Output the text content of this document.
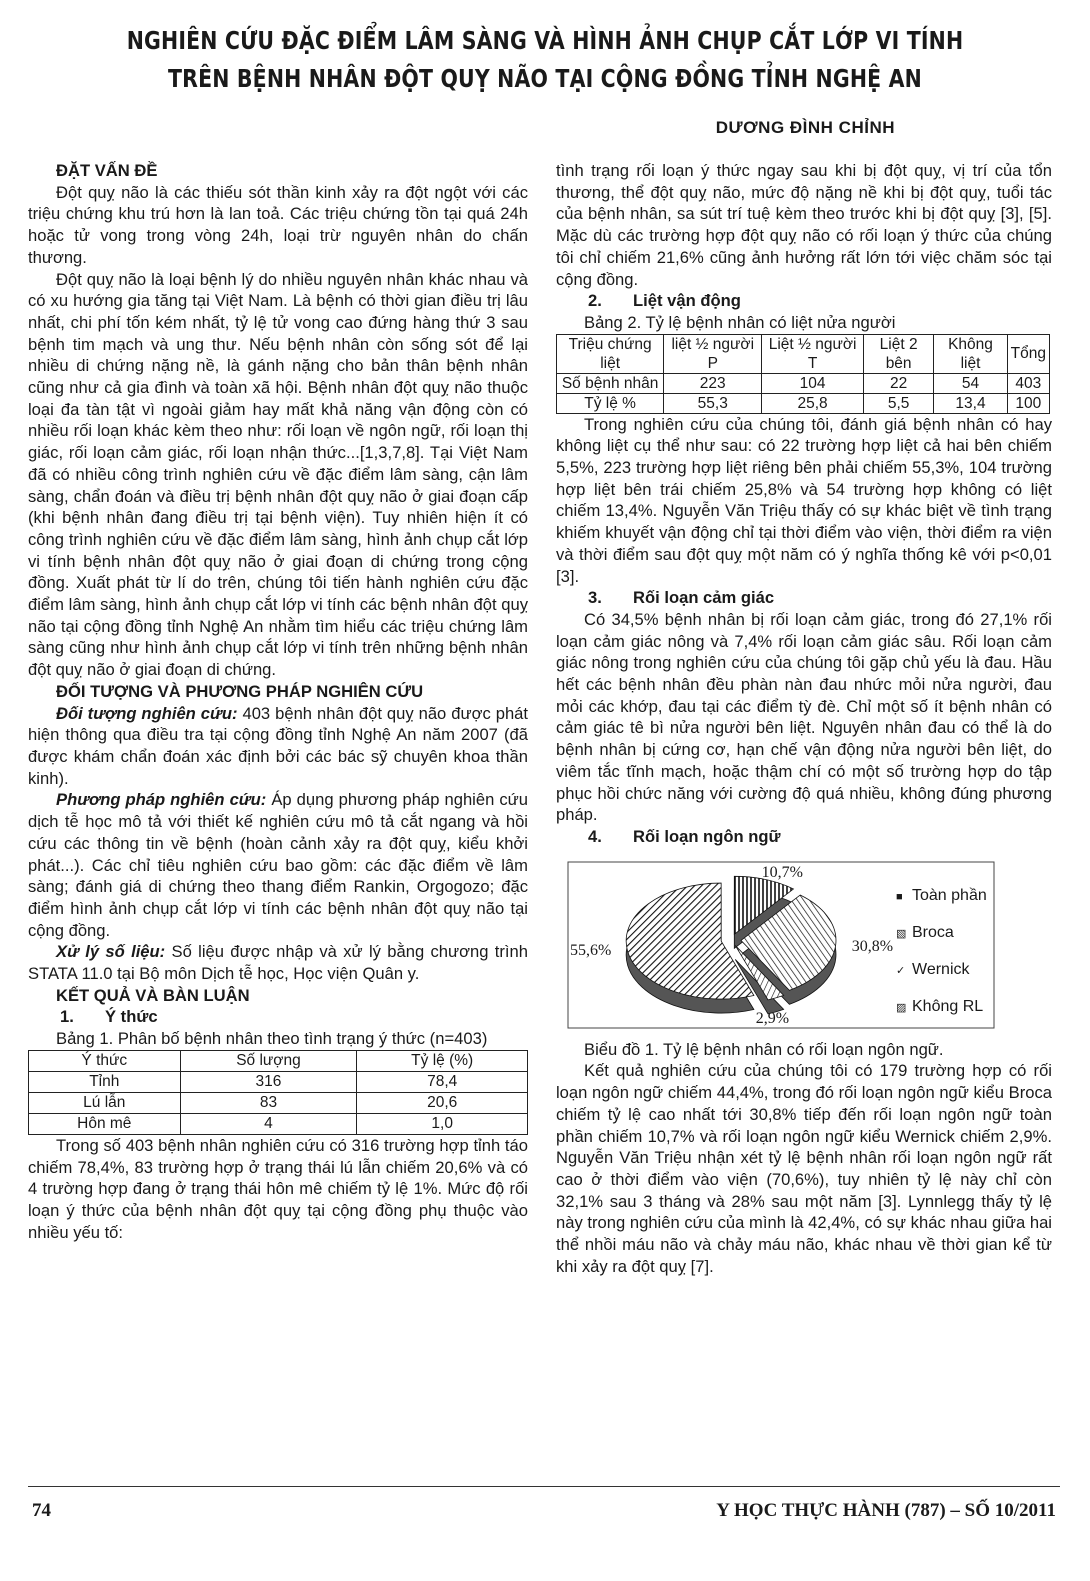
NGHIÊN CỨU ĐẶC ĐIỂM LÂM SÀNG VÀ HÌNH ẢNH CHỤP CẮT LỚP VI TÍNH
TRÊN BỆNH NHÂN ĐỘT QUỴ NÃO TẠI CỘNG ĐỒNG TỈNH NGHỆ AN
DƯƠNG ĐÌNH CHỈNH
ĐẶT VẤN ĐỀ

Đột quỵ não là các thiếu sót thần kinh xảy ra đột ngột với các triệu chứng khu trú hơn là lan toả. Các triệu chứng tồn tại quá 24h hoặc tử vong trong vòng 24h, loại trừ nguyên nhân do chấn thương.

Đột quỵ não là loại bệnh lý do nhiều nguyên nhân khác nhau và có xu hướng gia tăng tại Việt Nam. Là bệnh có thời gian điều trị lâu nhất, chi phí tốn kém nhất, tỷ lệ tử vong cao đứng hàng thứ 3 sau bệnh tim mạch và ung thư. Nếu bệnh nhân còn sống sót để lại nhiều di chứng nặng nề, là gánh nặng cho bản thân bệnh nhân cũng như cả gia đình và toàn xã hội. Bệnh nhân đột quỵ não thuộc loại đa tàn tật vì ngoài giảm hay mất khả năng vận động còn có nhiều rối loạn khác kèm theo như: rối loạn về ngôn ngữ, rối loạn thị giác, rối loạn cảm giác, rối loạn nhận thức...[1,3,7,8]. Tại Việt Nam đã có nhiều công trình nghiên cứu về đặc điểm lâm sàng, cận lâm sàng, chẩn đoán và điều trị bệnh nhân đột quỵ não ở giai đoạn cấp (khi bệnh nhân đang điều trị tại bệnh viện). Tuy nhiên hiện ít có công trình nghiên cứu về đặc điểm lâm sàng, hình ảnh chụp cắt lớp vi tính bệnh nhân đột quỵ não ở giai đoạn di chứng trong cộng đồng. Xuất phát từ lí do trên, chúng tôi tiến hành nghiên cứu đặc điểm lâm sàng, hình ảnh chụp cắt lớp vi tính các bệnh nhân đột quỵ não tại cộng đồng tỉnh Nghệ An nhằm tìm hiểu các triệu chứng lâm sàng cũng như hình ảnh chụp cắt lớp vi tính trên những bệnh nhân đột quỵ não ở giai đoạn di chứng.

ĐỐI TƯỢNG VÀ PHƯƠNG PHÁP NGHIÊN CỨU

Đối tượng nghiên cứu: 403 bệnh nhân đột quỵ não được phát hiện thông qua điều tra tại cộng đồng tỉnh Nghệ An năm 2007 (đã được khám chẩn đoán xác định bởi các bác sỹ chuyên khoa thần kinh).

Phương pháp nghiên cứu: Áp dụng phương pháp nghiên cứu dịch tễ học mô tả với thiết kế nghiên cứu mô tả cắt ngang và hồi cứu các thông tin về bệnh (hoàn cảnh xảy ra đột quỵ, kiểu khởi phát...). Các chỉ tiêu nghiên cứu bao gồm: các đặc điểm về lâm sàng; đánh giá di chứng theo thang điểm Rankin, Orgogozo; đặc điểm hình ảnh chụp cắt lớp vi tính các bệnh nhân đột quỵ não tại cộng đồng.

Xử lý số liệu: Số liệu được nhập và xử lý bằng chương trình STATA 11.0 tại Bộ môn Dịch tễ học, Học viện Quân y.

KẾT QUẢ VÀ BÀN LUẬN
1. Ý thức

Bảng 1. Phân bố bệnh nhân theo tình trạng ý thức (n=403)

Ý thức	Số lượng	Tỷ lệ (%)
Tỉnh	316	78,4
Lú lẫn	83	20,6
Hôn mê	4	1,0

Trong số 403 bệnh nhân nghiên cứu có 316 trường hợp tỉnh táo chiếm 78,4%, 83 trường hợp ở trạng thái lú lẫn chiếm 20,6% và có 4 trường hợp đang ở trạng thái hôn mê chiếm tỷ lệ 1%. Mức độ rối loạn ý thức của bệnh nhân đột quỵ tại cộng đồng phụ thuộc vào nhiều yếu tố:

tình trạng rối loạn ý thức ngay sau khi bị đột quỵ, vị trí của tổn thương, thể đột quỵ não, mức độ nặng nề khi bị đột quỵ, tuổi tác của bệnh nhân, sa sút trí tuệ kèm theo trước khi bị đột quỵ [3], [5]. Mặc dù các trường hợp đột quỵ não có rối loạn ý thức của chúng tôi chỉ chiếm 21,6% cũng ảnh hưởng rất lớn tới việc chăm sóc tại cộng đồng.

2. Liệt vận động

Bảng 2. Tỷ lệ bệnh nhân có liệt nửa người

Triệu chứng liệt	liệt ½ người P	Liệt ½ người T	Liệt 2 bên	Không liệt	Tổng
Số bệnh nhân	223	104	22	54	403
Tỷ lệ %	55,3	25,8	5,5	13,4	100

Trong nghiên cứu của chúng tôi, đánh giá bệnh nhân có hay không liệt cụ thể như sau: có 22 trường hợp liệt cả hai bên chiếm 5,5%, 223 trường hợp liệt riêng bên phải chiếm 55,3%, 104 trường hợp liệt bên trái chiếm 25,8% và 54 trường hợp không có liệt chiếm 13,4%. Nguyễn Văn Triệu thấy có sự khác biệt về tình trạng khiếm khuyết vận động chỉ tại thời điểm vào viện, thời điểm ra viện và thời điểm sau đột quỵ một năm có ý nghĩa thống kê với p<0,01 [3].

3. Rối loạn cảm giác

Có 34,5% bệnh nhân bị rối loạn cảm giác, trong đó 27,1% rối loạn cảm giác nông và 7,4% rối loạn cảm giác sâu. Rối loạn cảm giác nông trong nghiên cứu của chúng tôi gặp chủ yếu là đau. Hầu hết các bệnh nhân đều phàn nàn đau nhức mỏi nửa người, đau mỏi các khớp, đau tại các điểm tỳ đè. Chỉ một số ít bệnh nhân có cảm giác tê bì nửa người bên liệt. Nguyên nhân đau có thể là do bệnh nhân bị cứng cơ, hạn chế vận động nửa người bên liệt, do viêm tắc tĩnh mạch, hoặc thậm chí có một số trường hợp do tập phục hồi chức năng với cường độ quá nhiều, không đúng phương pháp.

4. Rối loạn ngôn ngữ
10,7%
30,8%
2,9%
55,6%
■ Toàn phần
▧ Broca
✓ Wernick
▨ Không RL

Biểu đồ 1. Tỷ lệ bệnh nhân có rối loạn ngôn ngữ.

Kết quả nghiên cứu của chúng tôi có 179 trường hợp có rối loạn ngôn ngữ chiếm 44,4%, trong đó rối loạn ngôn ngữ kiểu Broca chiếm tỷ lệ cao nhất tới 30,8% tiếp đến rối loạn ngôn ngữ toàn phần chiếm 10,7% và rối loạn ngôn ngữ kiểu Wernick chiếm 2,9%. Nguyễn Văn Triệu nhận xét tỷ lệ bệnh nhân rối loạn ngôn ngữ rất cao ở thời điểm vào viện (70,6%), tuy nhiên tỷ lệ này chỉ còn 32,1% sau 3 tháng và 28% sau một năm [3]. Lynnlegg thấy tỷ lệ này trong nghiên cứu của mình là 42,4%, có sự khác nhau giữa hai thể nhồi máu não và chảy máu não, khác nhau về thời gian kể từ khi xảy ra đột quỵ [7].

74	Y HỌC THỰC HÀNH (787) – SỐ 10/2011
